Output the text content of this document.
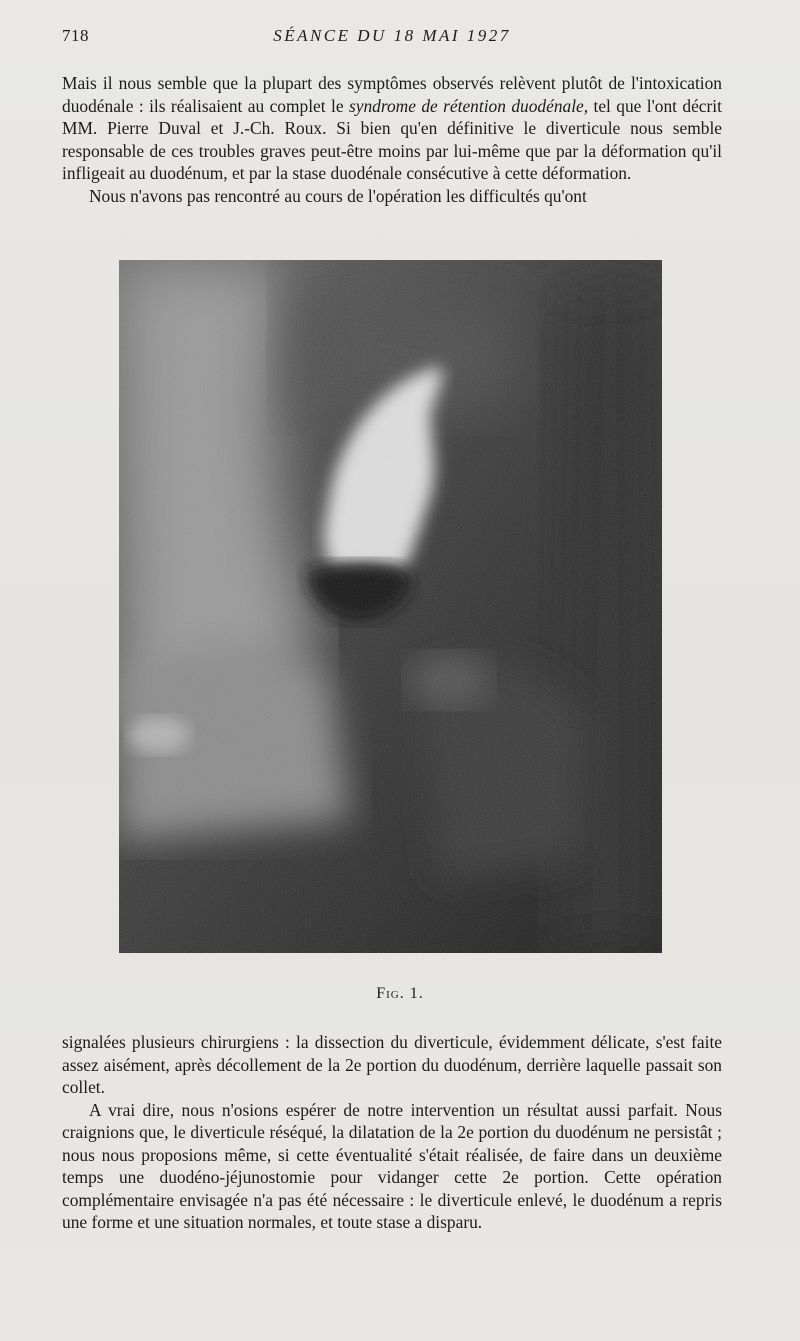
718	SÉANCE DU 18 MAI 1927

Mais il nous semble que la plupart des symptômes observés relèvent plutôt de l'intoxication duodénale : ils réalisaient au complet le syndrome de rétention duodénale, tel que l'ont décrit MM. Pierre Duval et J.-Ch. Roux. Si bien qu'en définitive le diverticule nous semble responsable de ces troubles graves peut-être moins par lui-même que par la déformation qu'il infligeait au duodénum, et par la stase duodénale consécutive à cette déformation.

Nous n'avons pas rencontré au cours de l'opération les difficultés qu'ont

Fig. 1.

signalées plusieurs chirurgiens : la dissection du diverticule, évidemment délicate, s'est faite assez aisément, après décollement de la 2e portion du duodénum, derrière laquelle passait son collet.

A vrai dire, nous n'osions espérer de notre intervention un résultat aussi parfait. Nous craignions que, le diverticule réséqué, la dilatation de la 2e portion du duodénum ne persistât ; nous nous proposions même, si cette éventualité s'était réalisée, de faire dans un deuxième temps une duodéno-jéjunostomie pour vidanger cette 2e portion. Cette opération complémentaire envisagée n'a pas été nécessaire : le diverticule enlevé, le duodénum a repris une forme et une situation normales, et toute stase a disparu.
